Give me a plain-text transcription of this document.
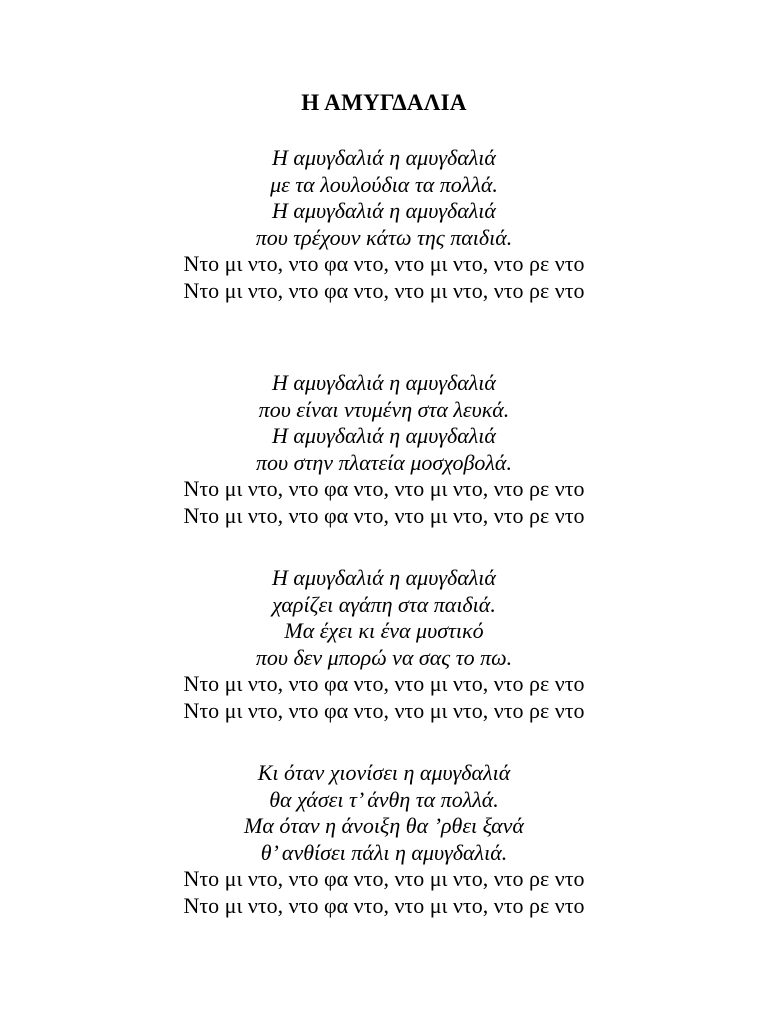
Η ΑΜΥΓΔΑΛΙΑ
Η αμυγδαλιά η αμυγδαλιά
με τα λουλούδια τα πολλά.
Η αμυγδαλιά η αμυγδαλιά
που τρέχουν κάτω της παιδιά.
Ντο μι ντο, ντο φα ντο, ντο μι ντο, ντο ρε ντο
Ντο μι ντο, ντο φα ντο, ντο μι ντο, ντο ρε ντο
Η αμυγδαλιά η αμυγδαλιά
που είναι ντυμένη στα λευκά.
Η αμυγδαλιά η αμυγδαλιά
που στην πλατεία μοσχοβολά.
Ντο μι ντο, ντο φα ντο, ντο μι ντο, ντο ρε ντο
Ντο μι ντο, ντο φα ντο, ντο μι ντο, ντο ρε ντο
Η αμυγδαλιά η αμυγδαλιά
χαρίζει αγάπη στα παιδιά.
Μα έχει κι ένα μυστικό
που δεν μπορώ να σας το πω.
Ντο μι ντο, ντο φα ντο, ντο μι ντο, ντο ρε ντο
Ντο μι ντο, ντο φα ντο, ντο μι ντο, ντο ρε ντο
Κι όταν χιονίσει η αμυγδαλιά
θα χάσει τ’ άνθη τα πολλά.
Μα όταν η άνοιξη θα ’ρθει ξανά
θ’ ανθίσει πάλι η αμυγδαλιά.
Ντο μι ντο, ντο φα ντο, ντο μι ντο, ντο ρε ντο
Ντο μι ντο, ντο φα ντο, ντο μι ντο, ντο ρε ντο
